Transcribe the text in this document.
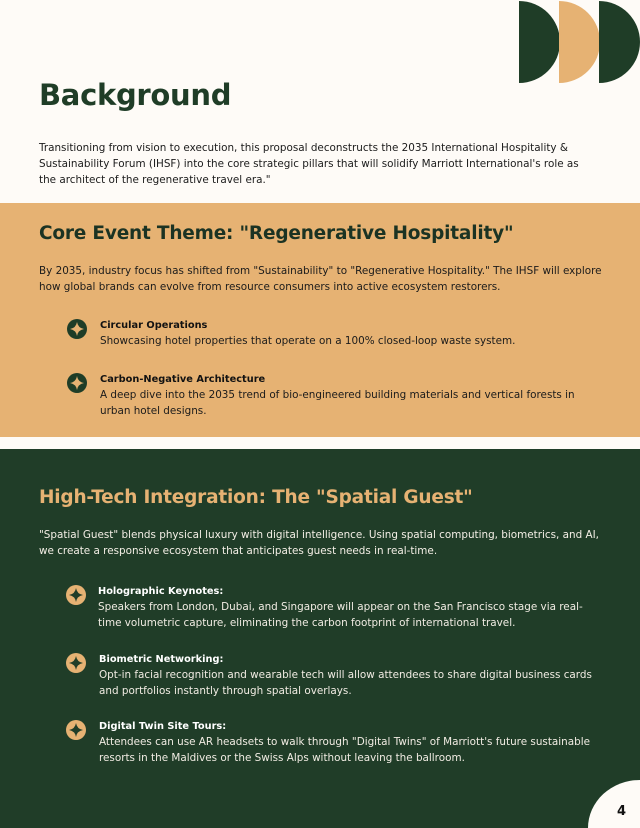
Background

Transitioning from vision to execution, this proposal deconstructs the 2035 International Hospitality & Sustainability Forum (IHSF) into the core strategic pillars that will solidify Marriott International's role as the architect of the regenerative travel era."

Core Event Theme: "Regenerative Hospitality"

By 2035, industry focus has shifted from "Sustainability" to "Regenerative Hospitality." The IHSF will explore how global brands can evolve from resource consumers into active ecosystem restorers.

Circular Operations
Showcasing hotel properties that operate on a 100% closed-loop waste system.
Carbon-Negative Architecture
A deep dive into the 2035 trend of bio-engineered building materials and vertical forests in urban hotel designs.
High-Tech Integration: The "Spatial Guest"

"Spatial Guest" blends physical luxury with digital intelligence. Using spatial computing, biometrics, and AI, we create a responsive ecosystem that anticipates guest needs in real-time.

Holographic Keynotes:
Speakers from London, Dubai, and Singapore will appear on the San Francisco stage via real-time volumetric capture, eliminating the carbon footprint of international travel.
Biometric Networking:
Opt-in facial recognition and wearable tech will allow attendees to share digital business cards and portfolios instantly through spatial overlays.
Digital Twin Site Tours:
Attendees can use AR headsets to walk through "Digital Twins" of Marriott's future sustainable resorts in the Maldives or the Swiss Alps without leaving the ballroom.
4
